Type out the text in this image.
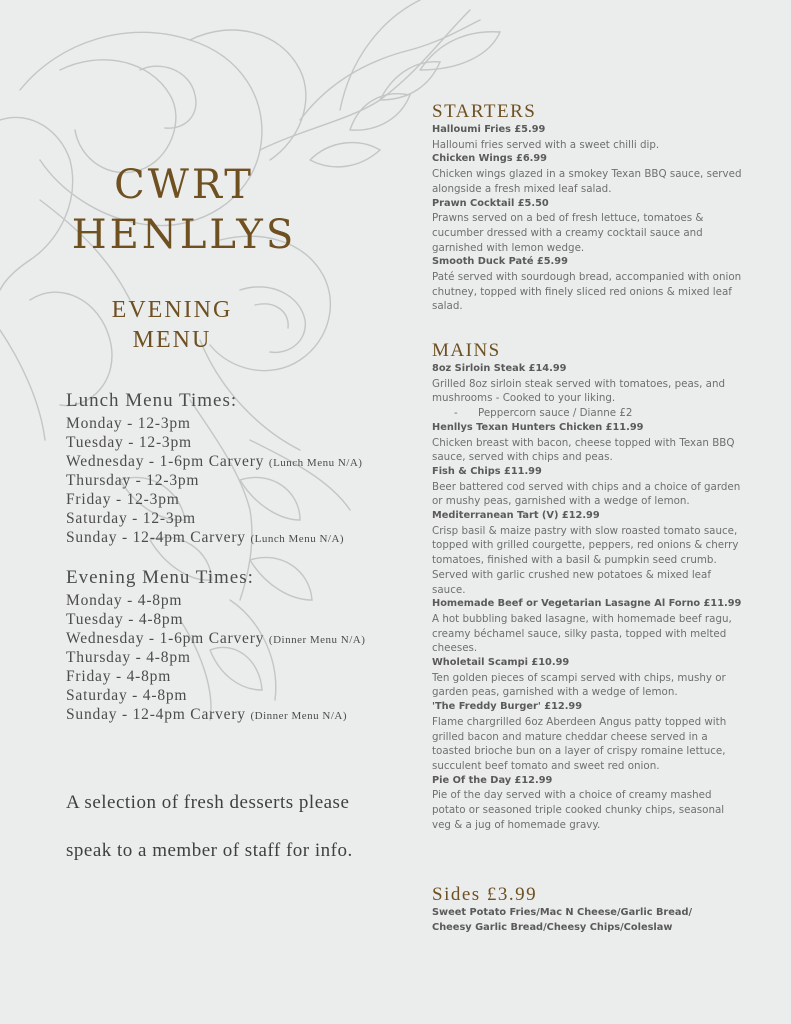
CWRT
HENLLYS
EVENING
MENU
Lunch Menu Times:
Monday - 12-3pm
Tuesday - 12-3pm
Wednesday - 1-6pm Carvery (Lunch Menu N/A)
Thursday - 12-3pm
Friday - 12-3pm
Saturday - 12-3pm
Sunday - 12-4pm Carvery (Lunch Menu N/A)
Evening Menu Times:
Monday - 4-8pm
Tuesday - 4-8pm
Wednesday - 1-6pm Carvery (Dinner Menu N/A)
Thursday - 4-8pm
Friday - 4-8pm
Saturday - 4-8pm
Sunday - 12-4pm Carvery (Dinner Menu N/A)
A selection of fresh desserts please
speak to a member of staff for info.
STARTERS
Halloumi Fries £5.99
Halloumi fries served with a sweet chilli dip.
Chicken Wings £6.99
Chicken wings glazed in a smokey Texan BBQ sauce, served alongside a fresh mixed leaf salad.
Prawn Cocktail £5.50
Prawns served on a bed of fresh lettuce, tomatoes & cucumber dressed with a creamy cocktail sauce and garnished with lemon wedge.
Smooth Duck Paté £5.99
Paté served with sourdough bread, accompanied with onion chutney, topped with finely sliced red onions & mixed leaf salad.
MAINS
8oz Sirloin Steak £14.99
Grilled 8oz sirloin steak served with tomatoes, peas, and mushrooms - Cooked to your liking.
- Peppercorn sauce / Dianne £2
Henllys Texan Hunters Chicken £11.99
Chicken breast with bacon, cheese topped with Texan BBQ sauce, served with chips and peas.
Fish & Chips £11.99
Beer battered cod served with chips and a choice of garden or mushy peas, garnished with a wedge of lemon.
Mediterranean Tart (V) £12.99
Crisp basil & maize pastry with slow roasted tomato sauce, topped with grilled courgette, peppers, red onions & cherry tomatoes, finished with a basil & pumpkin seed crumb. Served with garlic crushed new potatoes & mixed leaf sauce.
Homemade Beef or Vegetarian Lasagne Al Forno £11.99
A hot bubbling baked lasagne, with homemade beef ragu, creamy béchamel sauce, silky pasta, topped with melted cheeses.
Wholetail Scampi £10.99
Ten golden pieces of scampi served with chips, mushy or garden peas, garnished with a wedge of lemon.
'The Freddy Burger' £12.99
Flame chargrilled 6oz Aberdeen Angus patty topped with grilled bacon and mature cheddar cheese served in a toasted brioche bun on a layer of crispy romaine lettuce, succulent beef tomato and sweet red onion.
Pie Of the Day £12.99
Pie of the day served with a choice of creamy mashed potato or seasoned triple cooked chunky chips, seasonal veg & a jug of homemade gravy.
Sides £3.99
Sweet Potato Fries/Mac N Cheese/Garlic Bread/
Cheesy Garlic Bread/Cheesy Chips/Coleslaw
